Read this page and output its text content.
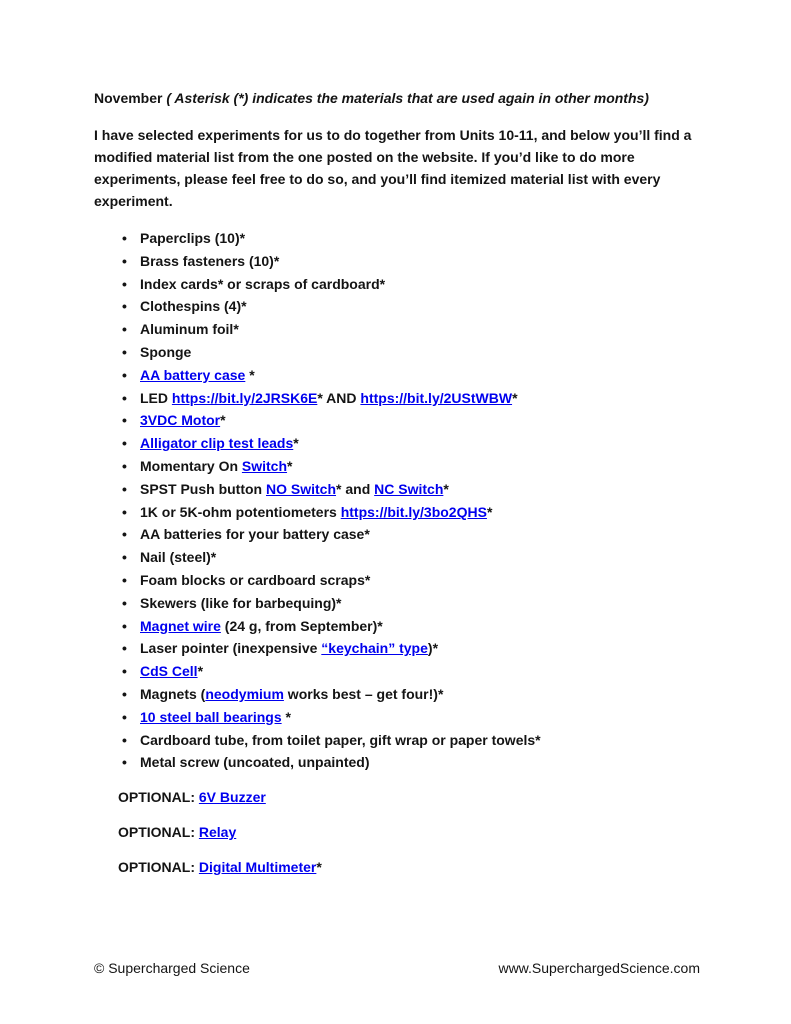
November ( Asterisk (*) indicates the materials that are used again in other months)

I have selected experiments for us to do together from Units 10-11, and below you’ll find a modified material list from the one posted on the website. If you’d like to do more experiments, please feel free to do so, and you’ll find itemized material list with every experiment.

• Paperclips (10)*
• Brass fasteners (10)*
• Index cards* or scraps of cardboard*
• Clothespins (4)*
• Aluminum foil*
• Sponge
• AA battery case *
• LED https://bit.ly/2JRSK6E* AND https://bit.ly/2UStWBW*
• 3VDC Motor*
• Alligator clip test leads*
• Momentary On Switch*
• SPST Push button NO Switch* and NC Switch*
• 1K or 5K-ohm potentiometers https://bit.ly/3bo2QHS*
• AA batteries for your battery case*
• Nail (steel)*
• Foam blocks or cardboard scraps*
• Skewers (like for barbequing)*
• Magnet wire (24 g, from September)*
• Laser pointer (inexpensive “keychain” type)*
• CdS Cell*
• Magnets (neodymium works best – get four!)*
• 10 steel ball bearings *
• Cardboard tube, from toilet paper, gift wrap or paper towels*
• Metal screw (uncoated, unpainted)

OPTIONAL: 6V Buzzer

OPTIONAL: Relay

OPTIONAL: Digital Multimeter*

© Supercharged Science	www.SuperchargedScience.com
